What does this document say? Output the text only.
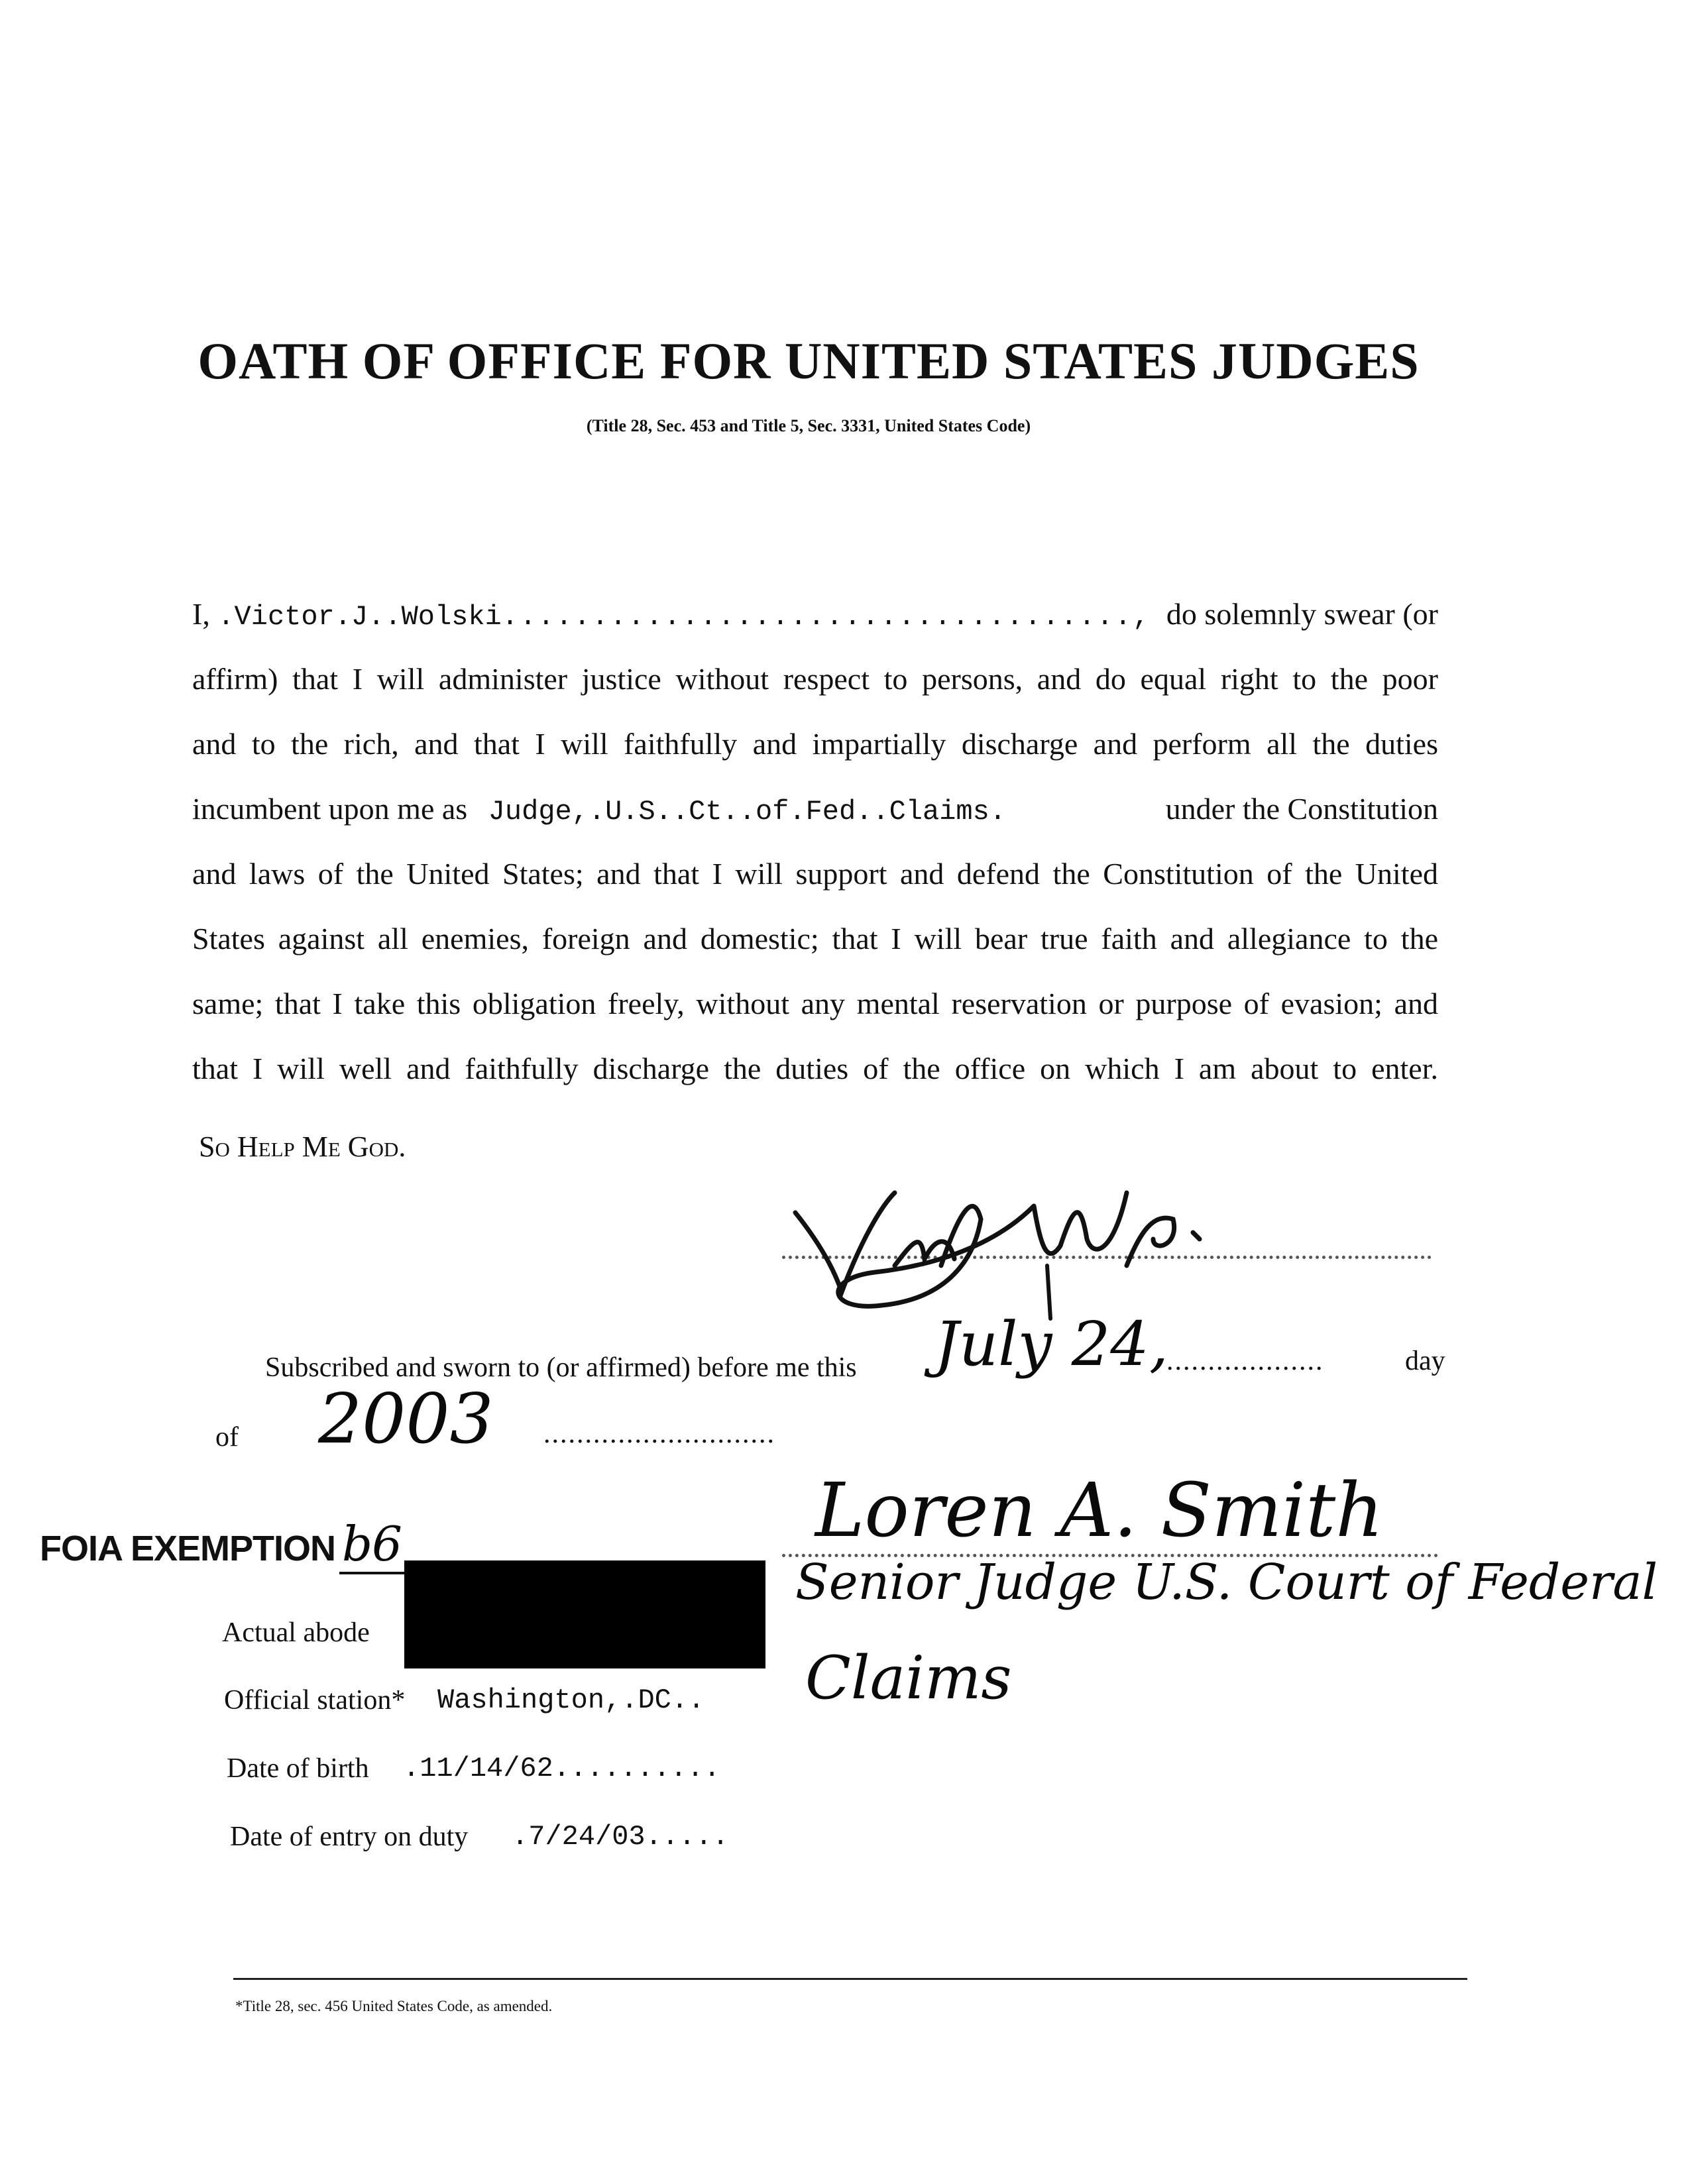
OATH OF OFFICE FOR UNITED STATES JUDGES
(Title 28, Sec. 453 and Title 5, Sec. 3331, United States Code)
I, .Victor.J..Wolski..................................., do solemnly swear (or
affirm) that I will administer justice without respect to persons, and do equal right to the poor
and to the rich, and that I will faithfully and impartially discharge and perform all the duties
incumbent upon me as Judge,.U.S..Ct..of.Fed..Claims.	under the Constitution
and laws of the United States; and that I will support and defend the Constitution of the United
States against all enemies, foreign and domestic; that I will bear true faith and allegiance to the
same; that I take this obligation freely, without any mental reservation or purpose of evasion; and
that I will well and faithfully discharge the duties of the office on which I am about to enter.
So Help Me God.
Subscribed and sworn to (or affirmed) before me this July 24,
...................	day
of 2003 ............................
FOIA EXEMPTION b6	Loren A. Smith
Senior Judge U.S. Court of Federal
Claims
Actual abode
Official station* Washington,.DC..
Date of birth .11/14/62..........
Date of entry on duty .7/24/03.....
*Title 28, sec. 456 United States Code, as amended.
